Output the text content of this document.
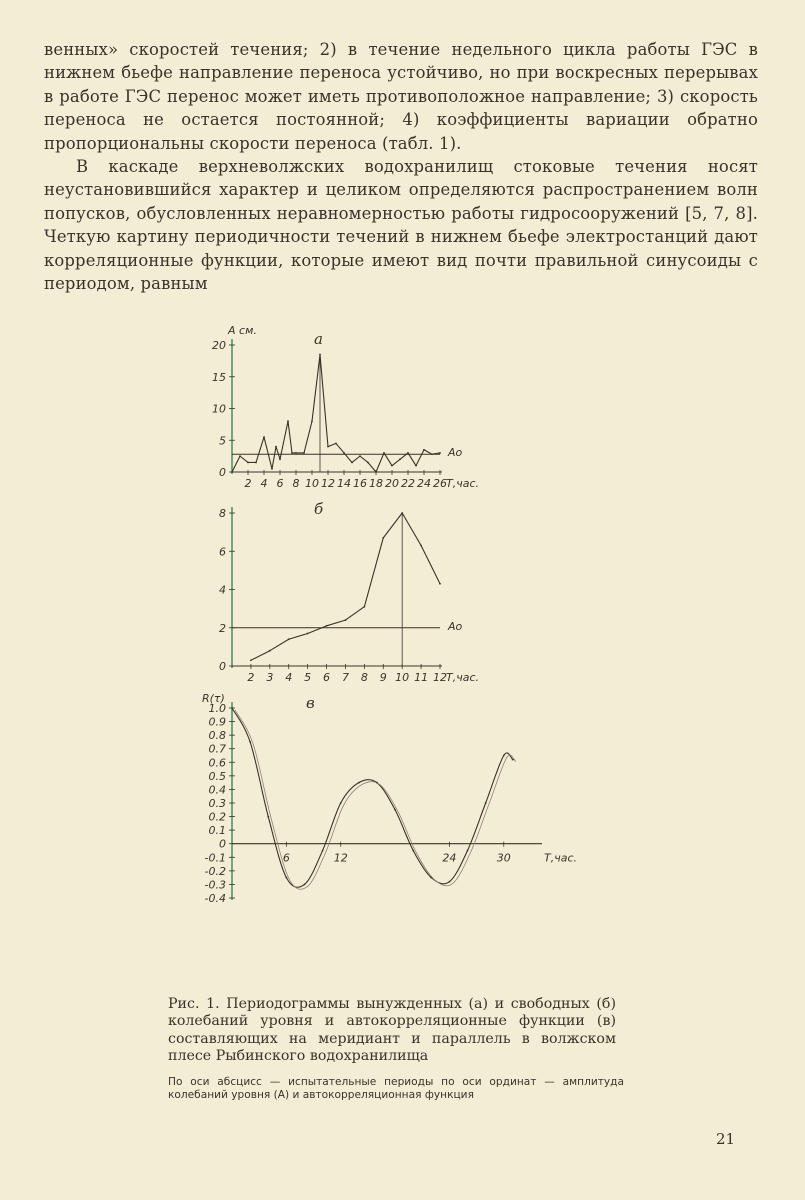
венных» скоростей течения; 2) в течение недельного цикла работы ГЭС в нижнем бьефе направление переноса устойчиво, но при воскресных перерывах в работе ГЭС перенос может иметь противоположное направление; 3) скорость переноса не остается постоянной; 4) коэффициенты вариации обратно пропорциональны скорости переноса (табл. 1).

В каскаде верхневолжских водохранилищ стоковые течения носят неустановившийся характер и целиком определяются распространением волн попусков, обусловленных неравномерностью работы гидросооружений [5, 7, 8]. Четкую картину периодичности течений в нижнем бьефе электростанций дают корреляционные функции, которые имеют вид почти правильной синусоиды с периодом, равным

а
А см.
0
5
10
15
20
2 4 6 8 10 12 14 16 18 20 22 24 26 Т,час.
Ао
б
0
2
4
6
8
2 3 4 5 6 7 8 9 10 11 12 Т,час.
Ао
в
R(τ)
1.0
0.9
0.8
0.7
0.6
0.5
0.4
0.3
0.2
0.1
0
-0.1
-0.2
-0.3
-0.4
6	12	24	30	Т,час.
Рис. 1. Периодограммы вынужденных (а) и свободных (б) колебаний уровня и автокорреляционные функции (в) составляющих на меридиант и параллель в волжском плесе Рыбинского водохранилища
По оси абсцисс — испытательные периоды по оси ординат — амплитуда колебаний уровня (А) и автокорреляционная функция
21
